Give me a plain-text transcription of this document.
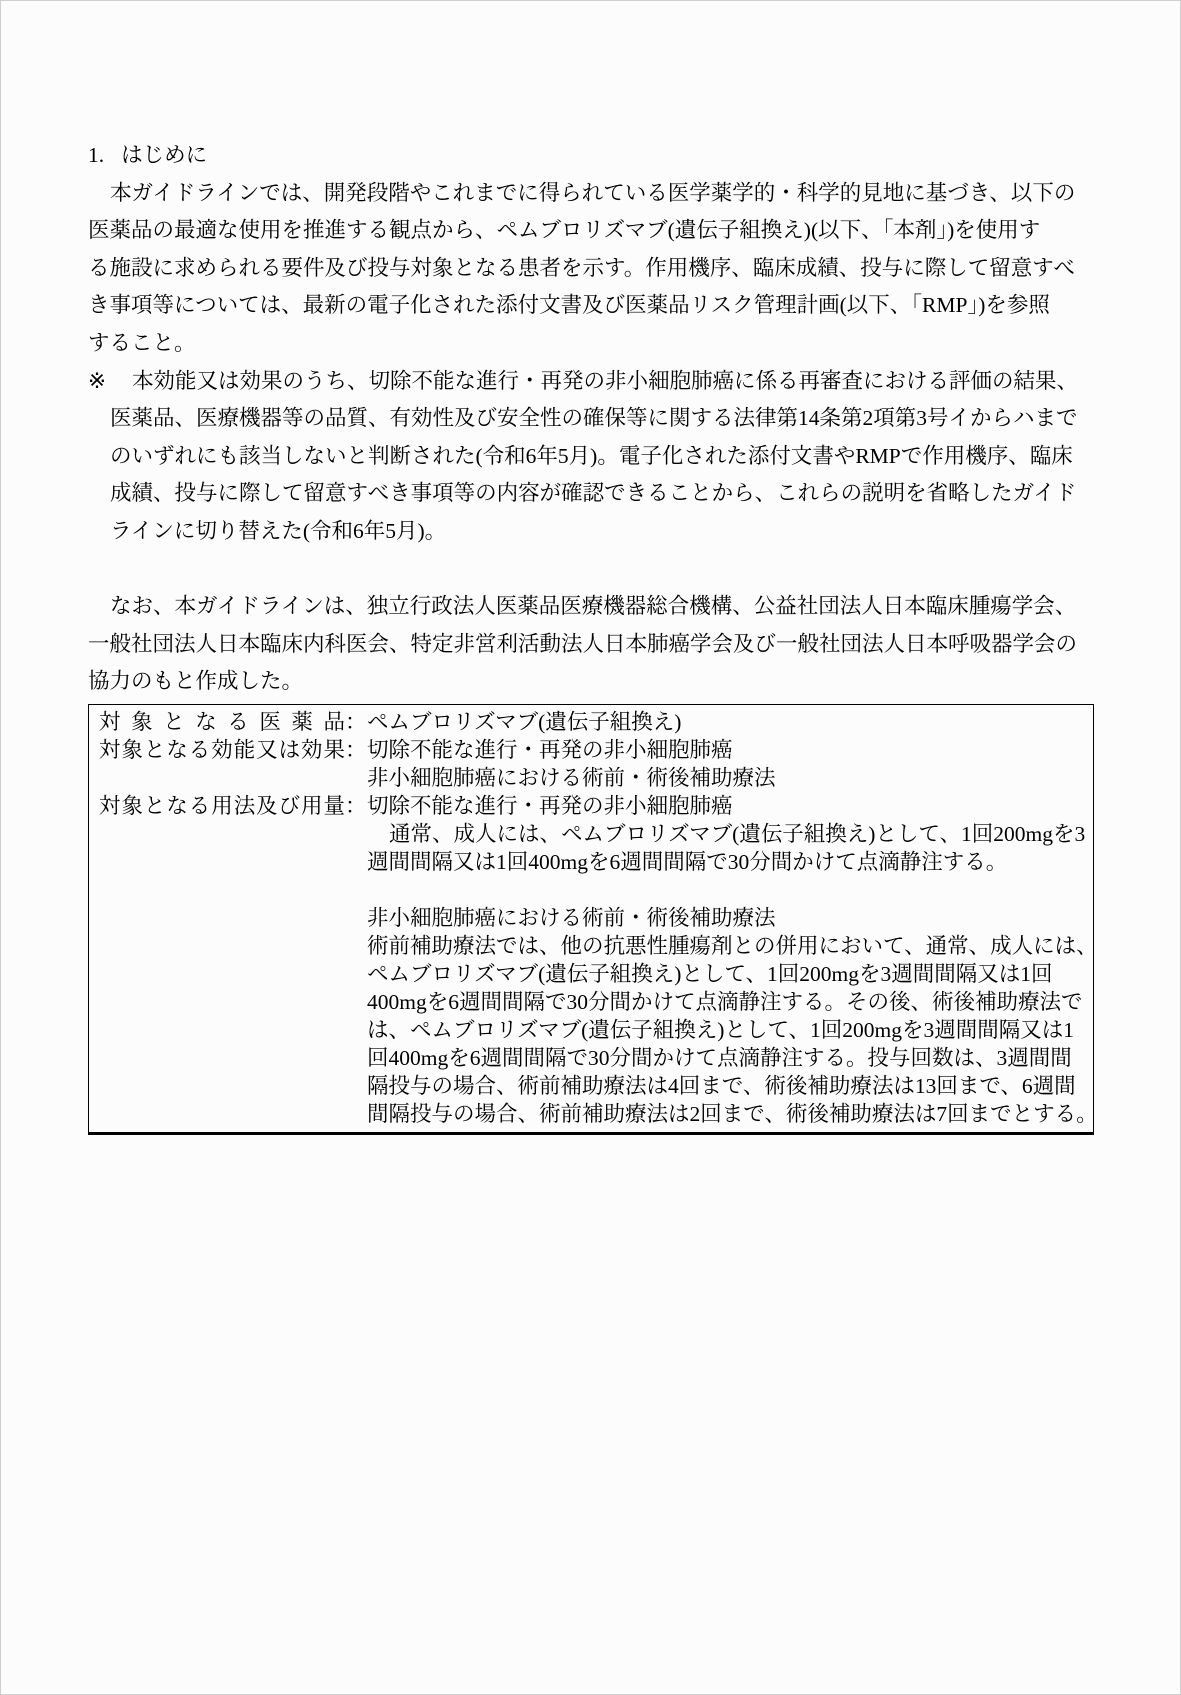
1. はじめに
本ガイドラインでは、開発段階やこれまでに得られている医学薬学的・科学的見地に基づき、以下の
医薬品の最適な使用を推進する観点から、ペムブロリズマブ(遺伝子組換え)(以下、「本剤」)を使用す
る施設に求められる要件及び投与対象となる患者を示す。作用機序、臨床成績、投与に際して留意すべ
き事項等については、最新の電子化された添付文書及び医薬品リスク管理計画(以下、「RMP」)を参照
すること。
※ 本効能又は効果のうち、切除不能な進行・再発の非小細胞肺癌に係る再審査における評価の結果、
医薬品、医療機器等の品質、有効性及び安全性の確保等に関する法律第14条第2項第3号イからハまで
のいずれにも該当しないと判断された(令和6年5月)。電子化された添付文書やRMPで作用機序、臨床
成績、投与に際して留意すべき事項等の内容が確認できることから、これらの説明を省略したガイド
ラインに切り替えた(令和6年5月)。
なお、本ガイドラインは、独立行政法人医薬品医療機器総合機構、公益社団法人日本臨床腫瘍学会、
一般社団法人日本臨床内科医会、特定非営利活動法人日本肺癌学会及び一般社団法人日本呼吸器学会の
協力のもと作成した。
対象となる医薬品 ： ペムブロリズマブ(遺伝子組換え)
対象となる効能又は効果 ： 切除不能な進行・再発の非小細胞肺癌
非小細胞肺癌における術前・術後補助療法
対象となる用法及び用量 ： 切除不能な進行・再発の非小細胞肺癌
通常、成人には、ペムブロリズマブ(遺伝子組換え)として、1回200mgを3
週間間隔又は1回400mgを6週間間隔で30分間かけて点滴静注する。
非小細胞肺癌における術前・術後補助療法
術前補助療法では、他の抗悪性腫瘍剤との併用において、通常、成人には、
ペムブロリズマブ(遺伝子組換え)として、1回200mgを3週間間隔又は1回
400mgを6週間間隔で30分間かけて点滴静注する。その後、術後補助療法で
は、ペムブロリズマブ(遺伝子組換え)として、1回200mgを3週間間隔又は1
回400mgを6週間間隔で30分間かけて点滴静注する。投与回数は、3週間間
隔投与の場合、術前補助療法は4回まで、術後補助療法は13回まで、6週間
間隔投与の場合、術前補助療法は2回まで、術後補助療法は7回までとする。
